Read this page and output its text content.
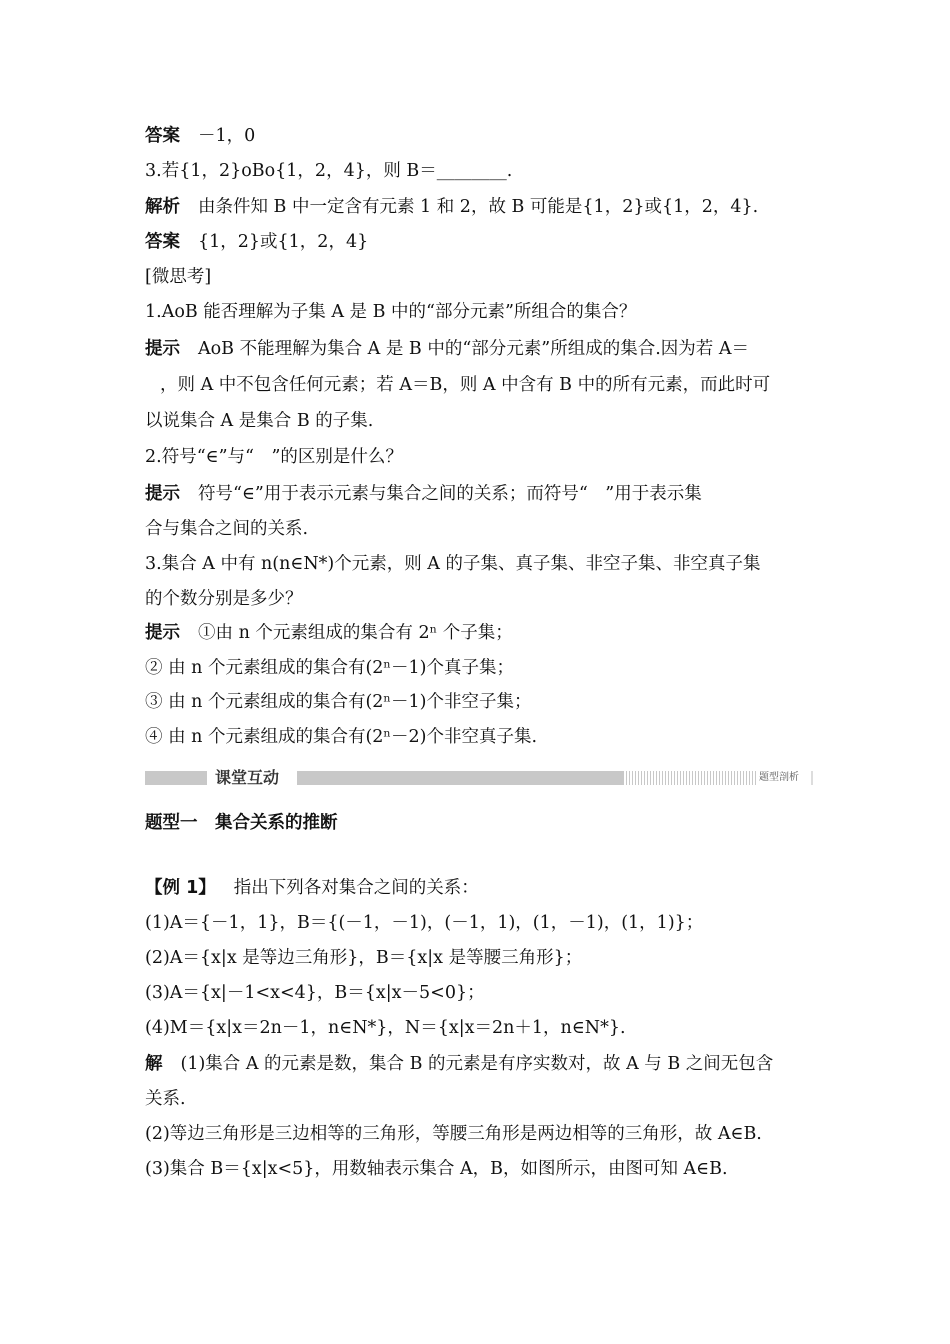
答案 －1，0
3.若{1，2}oBo{1，2，4}，则 B＝________.
解析 由条件知 B 中一定含有元素 1 和 2，故 B 可能是{1，2}或{1，2，4}.
答案 {1，2}或{1，2，4}
[微思考]
1.AoB 能否理解为子集 A 是 B 中的“部分元素”所组合的集合？
提示 AoB 不能理解为集合 A 是 B 中的“部分元素”所组成的集合.因为若 A＝
，则 A 中不包含任何元素；若 A＝B，则 A 中含有 B 中的所有元素，而此时可
以说集合 A 是集合 B 的子集.
2.符号“∈”与“　”的区别是什么？
提示 符号“∈”用于表示元素与集合之间的关系；而符号“　”用于表示集
合与集合之间的关系.
3.集合 A 中有 n(n∈N*)个元素，则 A 的子集、真子集、非空子集、非空真子集
的个数分别是多少？
提示 ①由 n 个元素组成的集合有 2ⁿ 个子集；
② 由 n 个元素组成的集合有(2ⁿ－1)个真子集；
③ 由 n 个元素组成的集合有(2ⁿ－1)个非空子集；
④ 由 n 个元素组成的集合有(2ⁿ－2)个非空真子集.
课堂互动	题型剖析
题型一　集合关系的推断
【例 1】 指出下列各对集合之间的关系：
(1)A＝{－1，1}，B＝{(－1，－1)，(－1，1)，(1，－1)，(1，1)}；
(2)A＝{x|x 是等边三角形}，B＝{x|x 是等腰三角形}；
(3)A＝{x|－1<x<4}，B＝{x|x－5<0}；
(4)M＝{x|x＝2n－1，n∈N*}，N＝{x|x＝2n＋1，n∈N*}.
解 (1)集合 A 的元素是数，集合 B 的元素是有序实数对，故 A 与 B 之间无包含
关系.
(2)等边三角形是三边相等的三角形，等腰三角形是两边相等的三角形，故 A∈B.
(3)集合 B＝{x|x<5}，用数轴表示集合 A，B，如图所示，由图可知 A∈B.
